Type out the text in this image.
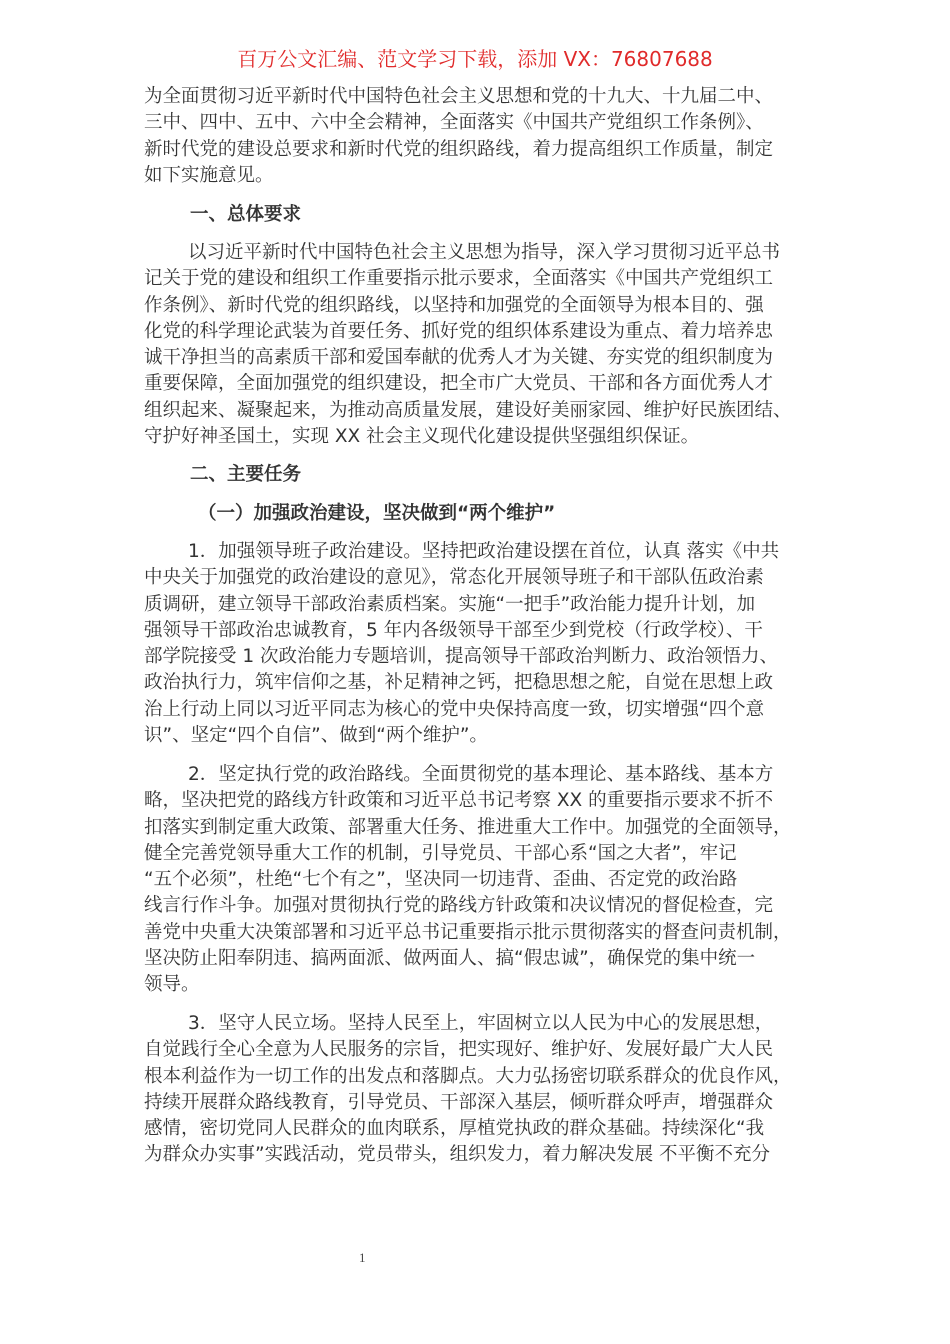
百万公文汇编、范文学习下载，添加 VX：76807688
为全面贯彻习近平新时代中国特色社会主义思想和党的十九大、十九届二中、
三中、四中、五中、六中全会精神，全面落实《中国共产党组织工作条例》、
新时代党的建设总要求和新时代党的组织路线，着力提高组织工作质量，制定
如下实施意见。
一、总体要求
以习近平新时代中国特色社会主义思想为指导，深入学习贯彻习近平总书
记关于党的建设和组织工作重要指示批示要求，全面落实《中国共产党组织工
作条例》、新时代党的组织路线，以坚持和加强党的全面领导为根本目的、强
化党的科学理论武装为首要任务、抓好党的组织体系建设为重点、着力培养忠
诚干净担当的高素质干部和爱国奉献的优秀人才为关键、夯实党的组织制度为
重要保障，全面加强党的组织建设，把全市广大党员、干部和各方面优秀人才
组织起来、凝聚起来，为推动高质量发展，建设好美丽家园、维护好民族团结、
守护好神圣国土，实现 XX 社会主义现代化建设提供坚强组织保证。
二、主要任务
（一）加强政治建设，坚决做到“两个维护”
1．加强领导班子政治建设。坚持把政治建设摆在首位，认真 落实《中共
中央关于加强党的政治建设的意见》，常态化开展领导班子和干部队伍政治素
质调研，建立领导干部政治素质档案。实施“一把手”政治能力提升计划，加
强领导干部政治忠诚教育，5 年内各级领导干部至少到党校（行政学校）、干
部学院接受 1 次政治能力专题培训，提高领导干部政治判断力、政治领悟力、
政治执行力，筑牢信仰之基，补足精神之钙，把稳思想之舵，自觉在思想上政
治上行动上同以习近平同志为核心的党中央保持高度一致，切实增强“四个意
识”、坚定“四个自信”、做到“两个维护”。
2．坚定执行党的政治路线。全面贯彻党的基本理论、基本路线、基本方
略，坚决把党的路线方针政策和习近平总书记考察 XX 的重要指示要求不折不
扣落实到制定重大政策、部署重大任务、推进重大工作中。加强党的全面领导，
健全完善党领导重大工作的机制，引导党员、干部心系“国之大者”，牢记
“五个必须”，杜绝“七个有之”，坚决同一切违背、歪曲、否定党的政治路
线言行作斗争。加强对贯彻执行党的路线方针政策和决议情况的督促检查，完
善党中央重大决策部署和习近平总书记重要指示批示贯彻落实的督查问责机制，
坚决防止阳奉阴违、搞两面派、做两面人、搞“假忠诚”，确保党的集中统一
领导。
3．坚守人民立场。坚持人民至上，牢固树立以人民为中心的发展思想，
自觉践行全心全意为人民服务的宗旨，把实现好、维护好、发展好最广大人民
根本利益作为一切工作的出发点和落脚点。大力弘扬密切联系群众的优良作风，
持续开展群众路线教育，引导党员、干部深入基层，倾听群众呼声，增强群众
感情，密切党同人民群众的血肉联系，厚植党执政的群众基础。持续深化“我
为群众办实事”实践活动，党员带头，组织发力，着力解决发展 不平衡不充分
1
